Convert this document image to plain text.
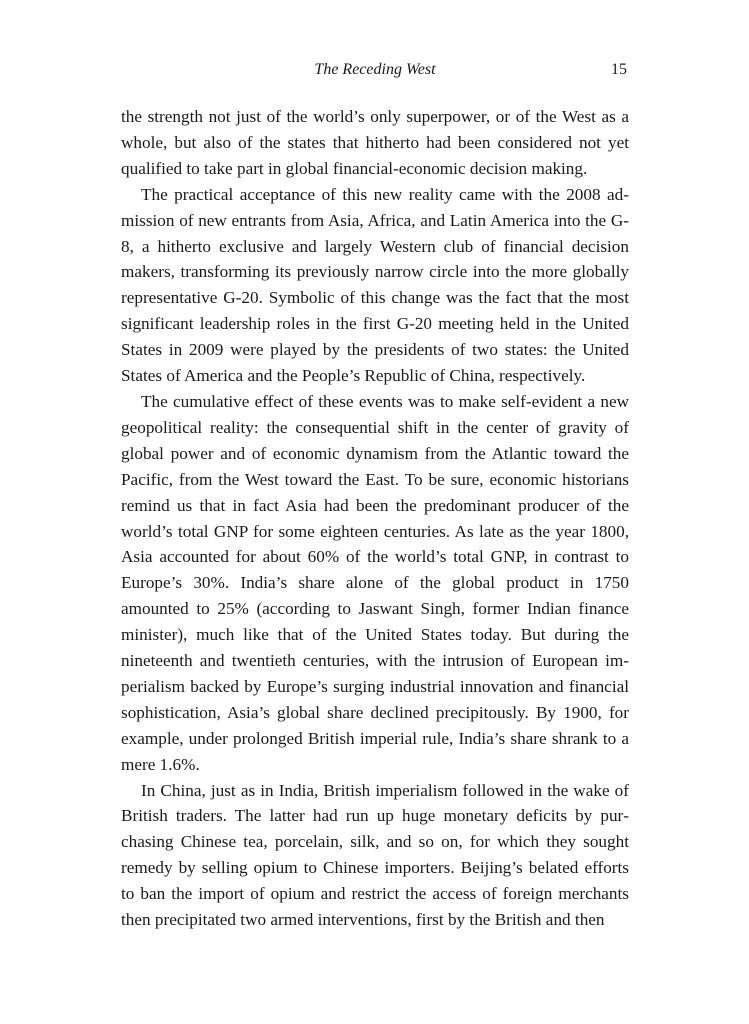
The Receding West	15

the strength not just of the world’s only superpower, or of the West as a whole, but also of the states that hitherto had been considered not yet qualified to take part in global financial-economic decision making.

The practical acceptance of this new reality came with the 2008 admission of new entrants from Asia, Africa, and Latin America into the G-8, a hitherto exclusive and largely Western club of financial decision makers, transforming its previously narrow circle into the more globally representative G-20. Symbolic of this change was the fact that the most significant leadership roles in the first G-20 meeting held in the United States in 2009 were played by the presidents of two states: the United States of America and the People’s Republic of China, respectively.

The cumulative effect of these events was to make self-evident a new geopolitical reality: the consequential shift in the center of gravity of global power and of economic dynamism from the Atlantic toward the Pacific, from the West toward the East. To be sure, economic historians remind us that in fact Asia had been the predominant producer of the world’s total GNP for some eighteen centuries. As late as the year 1800, Asia accounted for about 60% of the world’s total GNP, in contrast to Europe’s 30%. India’s share alone of the global product in 1750 amounted to 25% (according to Jaswant Singh, former Indian finance minister), much like that of the United States today. But during the nineteenth and twentieth centuries, with the intrusion of European imperialism backed by Europe’s surging industrial innovation and financial sophistication, Asia’s global share declined precipitously. By 1900, for example, under prolonged British imperial rule, India’s share shrank to a mere 1.6%.

In China, just as in India, British imperialism followed in the wake of British traders. The latter had run up huge monetary deficits by purchasing Chinese tea, porcelain, silk, and so on, for which they sought remedy by selling opium to Chinese importers. Beijing’s belated efforts to ban the import of opium and restrict the access of foreign merchants then precipitated two armed interventions, first by the British and then
